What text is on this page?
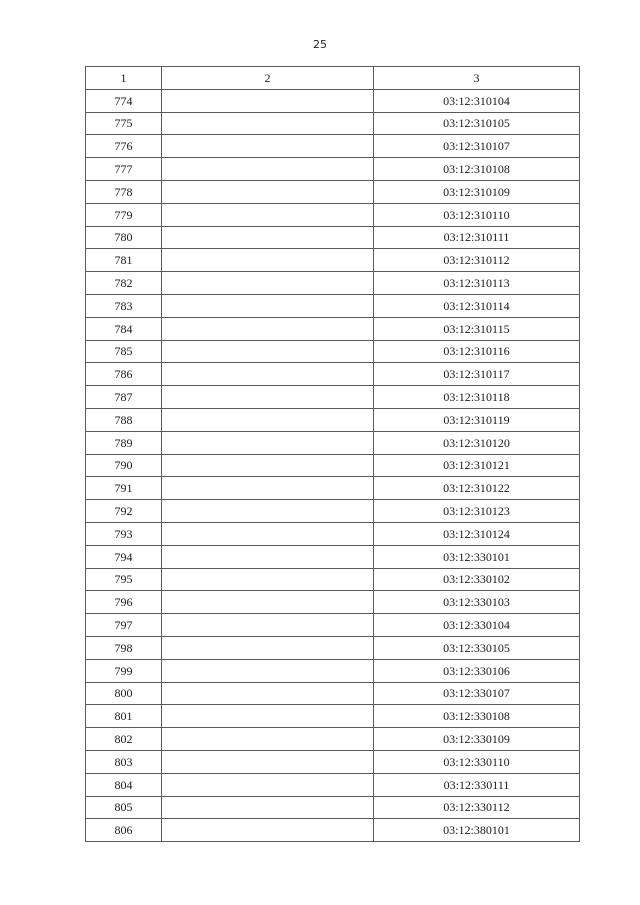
25
1	2	3
774		03:12:310104
775		03:12:310105
776		03:12:310107
777		03:12:310108
778		03:12:310109
779		03:12:310110
780		03:12:310111
781		03:12:310112
782		03:12:310113
783		03:12:310114
784		03:12:310115
785		03:12:310116
786		03:12:310117
787		03:12:310118
788		03:12:310119
789		03:12:310120
790		03:12:310121
791		03:12:310122
792		03:12:310123
793		03:12:310124
794		03:12:330101
795		03:12:330102
796		03:12:330103
797		03:12:330104
798		03:12:330105
799		03:12:330106
800		03:12:330107
801		03:12:330108
802		03:12:330109
803		03:12:330110
804		03:12:330111
805		03:12:330112
806		03:12:380101
